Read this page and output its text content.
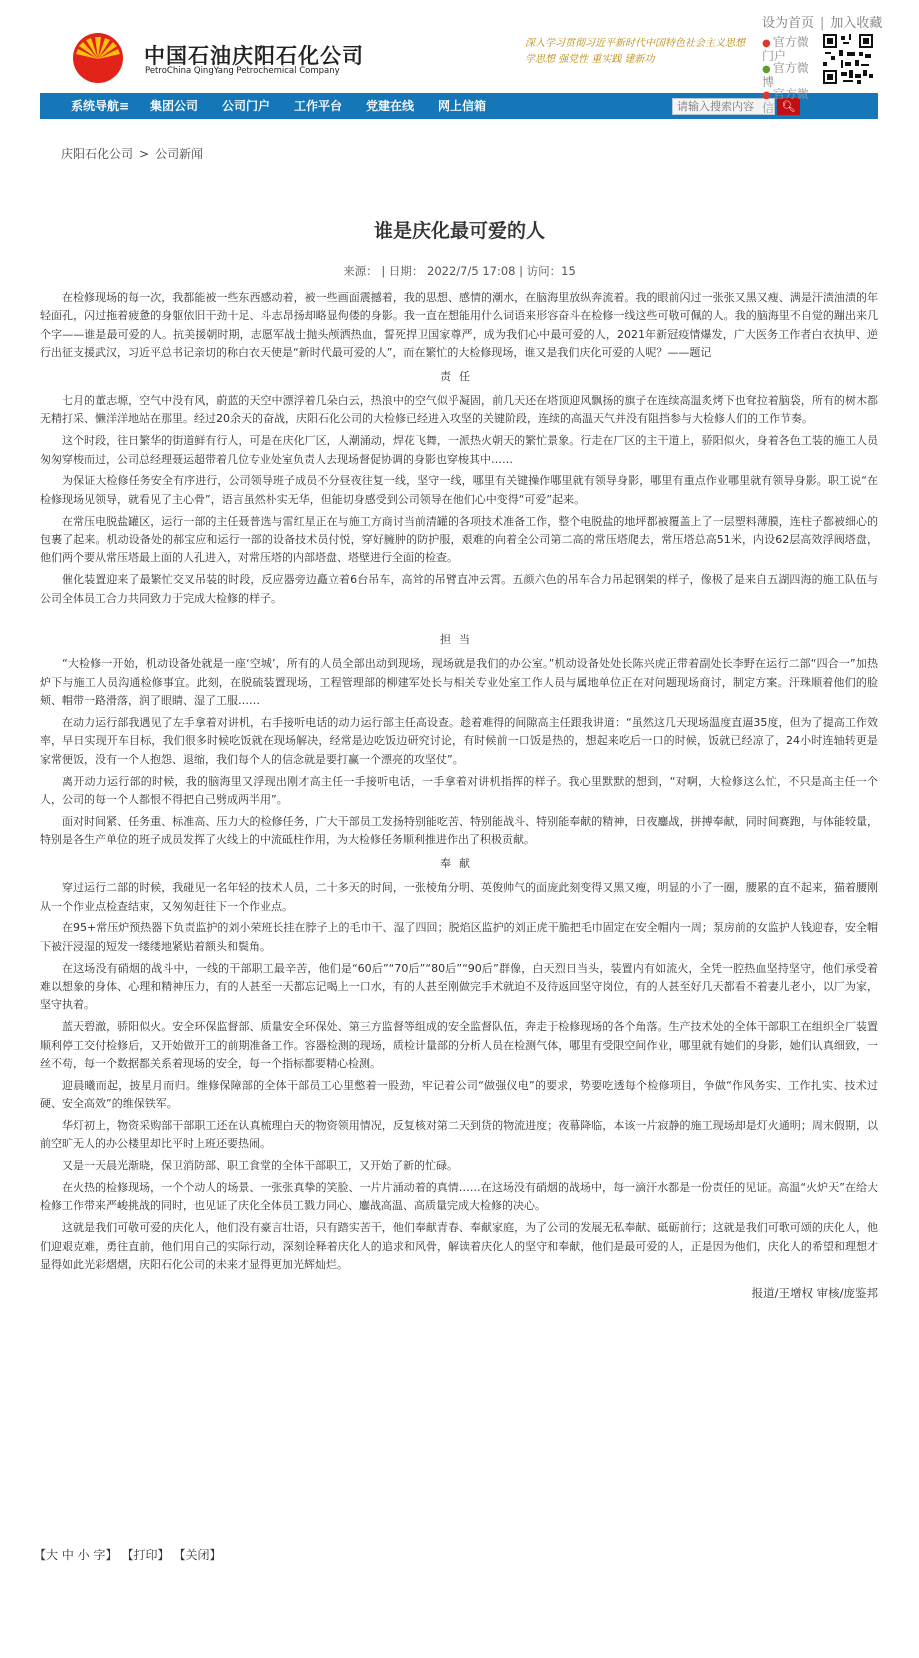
中国石油庆阳石化公司
PetroChina QingYang Petrochemical Company
深入学习贯彻习近平新时代中国特色社会主义思想
学思想 强党性 重实践 建新功
设为首页 | 加入收藏
● 官方微门户
● 官方微博
● 官方微信
系统导航≡ 集团公司 公司门户 工作平台 党建在线 网上信箱
请输入搜索内容	🔍︎
庆阳石化公司 > 公司新闻
谁是庆化最可爱的人
来源： | 日期： 2022/7/5 17:08 | 访问：15

在检修现场的每一次，我都能被一些东西感动着，被一些画面震撼着，我的思想、感情的潮水，在脑海里放纵奔流着。我的眼前闪过一张张又黑又瘦、满是汗渍油渍的年轻面孔，闪过拖着疲惫的身躯依旧干劲十足、斗志昂扬却略显佝偻的身影。我一直在想能用什么词语来形容奋斗在检修一线这些可敬可佩的人。我的脑海里不自觉的蹦出来几个字——谁是最可爱的人。抗美援朝时期，志愿军战士抛头颅洒热血，誓死捍卫国家尊严，成为我们心中最可爱的人，2021年新冠疫情爆发，广大医务工作者白衣执甲、逆行出征支援武汉，习近平总书记亲切的称白衣天使是“新时代最可爱的人”，而在繁忙的大检修现场，谁又是我们庆化可爱的人呢？——题记

责任

七月的董志塬，空气中没有风，蔚蓝的天空中漂浮着几朵白云，热浪中的空气似乎凝固，前几天还在塔顶迎风飘扬的旗子在连续高温炙烤下也耷拉着脑袋，所有的树木都无精打采、懒洋洋地站在那里。经过20余天的奋战，庆阳石化公司的大检修已经进入攻坚的关键阶段，连续的高温天气并没有阻挡参与大检修人们的工作节奏。

这个时段，往日繁华的街道鲜有行人，可是在庆化厂区，人潮涌动，焊花飞舞，一派热火朝天的繁忙景象。行走在厂区的主干道上，骄阳似火，身着各色工装的施工人员匆匆穿梭而过，公司总经理聂运超带着几位专业处室负责人去现场督促协调的身影也穿梭其中……

为保证大检修任务安全有序进行，公司领导班子成员不分昼夜往复一线，坚守一线，哪里有关键操作哪里就有领导身影，哪里有重点作业哪里就有领导身影。职工说“在检修现场见领导，就看见了主心骨”，语言虽然朴实无华，但能切身感受到公司领导在他们心中变得“可爱”起来。

在常压电脱盐罐区，运行一部的主任聂普选与雷红星正在与施工方商讨当前清罐的各项技术准备工作，整个电脱盐的地坪都被覆盖上了一层塑料薄膜，连柱子都被细心的包裹了起来。机动设备处的郝宝应和运行一部的设备技术员付悦，穿好臃肿的防护服，艰难的向着全公司第二高的常压塔爬去，常压塔总高51米，内设62层高效浮阀塔盘，他们两个要从常压塔最上面的人孔进入，对常压塔的内部塔盘、塔壁进行全面的检查。

催化装置迎来了最繁忙交叉吊装的时段，反应器旁边矗立着6台吊车，高耸的吊臂直冲云霄。五颜六色的吊车合力吊起钢架的样子，像极了是来自五湖四海的施工队伍与公司全体员工合力共同致力于完成大检修的样子。

担当

“大检修一开始，机动设备处就是一座‘空城’，所有的人员全部出动到现场，现场就是我们的办公室。”机动设备处处长陈兴虎正带着副处长李野在运行二部“四合一”加热炉下与施工人员沟通检修事宜。此刻，在脱硫装置现场，工程管理部的柳建军处长与相关专业处室工作人员与属地单位正在对问题现场商讨，制定方案。汗珠顺着他们的脸颊、帽带一路滑落，润了眼睛、湿了工服……

在动力运行部我遇见了左手拿着对讲机，右手接听电话的动力运行部主任高设查。趁着难得的间隙高主任跟我讲道：“虽然这几天现场温度直逼35度，但为了提高工作效率，早日实现开车目标，我们很多时候吃饭就在现场解决，经常是边吃饭边研究讨论，有时候前一口饭是热的，想起来吃后一口的时候，饭就已经凉了，24小时连轴转更是家常便饭，没有一个人抱怨、退缩，我们每个人的信念就是要打赢一个漂亮的攻坚仗”。

离开动力运行部的时候，我的脑海里又浮现出刚才高主任一手接听电话，一手拿着对讲机指挥的样子。我心里默默的想到，“对啊，大检修这么忙，不只是高主任一个人，公司的每一个人都恨不得把自己劈成两半用”。

面对时间紧、任务重、标准高、压力大的检修任务，广大干部员工发扬特别能吃苦、特别能战斗、特别能奉献的精神，日夜鏖战，拼搏奉献，同时间赛跑，与体能较量，特别是各生产单位的班子成员发挥了火线上的中流砥柱作用，为大检修任务顺利推进作出了积极贡献。

奉献

穿过运行二部的时候，我碰见一名年轻的技术人员，二十多天的时间，一张棱角分明、英俊帅气的面庞此刻变得又黑又瘦，明显的小了一圈，腰累的直不起来，猫着腰刚从一个作业点检查结束，又匆匆赶往下一个作业点。

在95+常压炉预热器下负责监护的刘小荣班长挂在脖子上的毛巾干、湿了四回；脱焰区监护的刘正虎干脆把毛巾固定在安全帽内一周；泵房前的女监护人钱迎春，安全帽下被汗浸湿的短发一缕缕地紧贴着额头和鬓角。

在这场没有硝烟的战斗中，一线的干部职工最辛苦，他们是“60后”“70后”“80后”“90后”群像，白天烈日当头，装置内有如流火，全凭一腔热血坚持坚守，他们承受着难以想象的身体、心理和精神压力，有的人甚至一天都忘记喝上一口水，有的人甚至刚做完手术就迫不及待返回坚守岗位，有的人甚至好几天都看不着妻儿老小，以厂为家，坚守执着。

蓝天碧澈，骄阳似火。安全环保监督部、质量安全环保处、第三方监督等组成的安全监督队伍，奔走于检修现场的各个角落。生产技术处的全体干部职工在组织全厂装置顺利停工交付检修后，又开始做开工的前期准备工作。容器检测的现场，质检计量部的分析人员在检测气体，哪里有受限空间作业，哪里就有她们的身影，她们认真细致，一丝不苟，每一个数据都关系着现场的安全，每一个指标都要精心检测。

迎晨曦而起，披星月而归。维修保障部的全体干部员工心里憋着一股劲，牢记着公司“做强仪电”的要求，势要吃透每个检修项目，争做“作风务实、工作扎实、技术过硬、安全高效”的维保铁军。

华灯初上，物资采购部干部职工还在认真梳理白天的物资领用情况，反复核对第二天到货的物流进度；夜幕降临，本该一片寂静的施工现场却是灯火通明；周末假期，以前空旷无人的办公楼里却比平时上班还要热闹。

又是一天晨光渐晓，保卫消防部、职工食堂的全体干部职工，又开始了新的忙碌。

在火热的检修现场，一个个动人的场景、一张张真挚的笑脸、一片片涌动着的真情……在这场没有硝烟的战场中，每一滴汗水都是一份责任的见证。高温“火炉天”在给大检修工作带来严峻挑战的同时，也见证了庆化全体员工戮力同心、鏖战高温、高质量完成大检修的决心。

这就是我们可敬可爱的庆化人，他们没有豪言壮语，只有踏实苦干，他们奉献青春、奉献家庭，为了公司的发展无私奉献、砥砺前行；这就是我们可歌可颂的庆化人，他们迎艰克难，勇往直前，他们用自己的实际行动，深刻诠释着庆化人的追求和风骨，解读着庆化人的坚守和奉献，他们是最可爱的人，正是因为他们，庆化人的希望和理想才显得如此光彩熠熠，庆阳石化公司的未来才显得更加光辉灿烂。

报道/王增权 审核/庞鉴邦

【大 中 小 字】 【打印】 【关闭】
